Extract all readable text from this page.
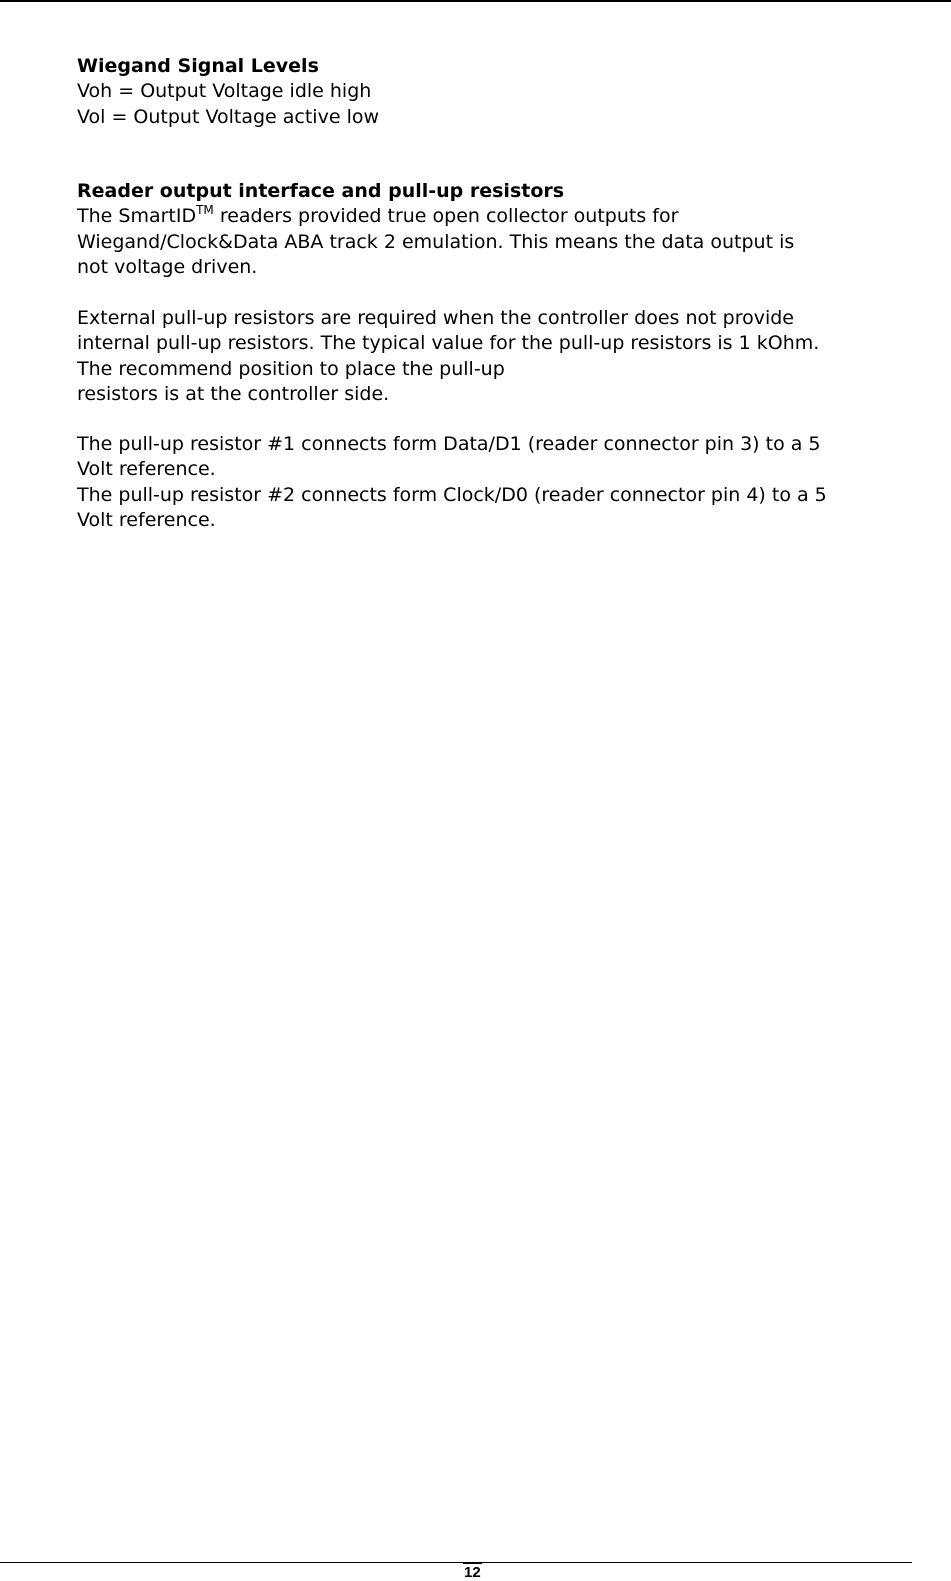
Wiegand Signal Levels
Voh = Output Voltage idle high
Vol = Output Voltage active low
Reader output interface and pull-up resistors
The SmartID™ readers provided true open collector outputs for
Wiegand/Clock&Data ABA track 2 emulation. This means the data output is
not voltage driven.
External pull-up resistors are required when the controller does not provide
internal pull-up resistors. The typical value for the pull-up resistors is 1 kOhm.
The recommend position to place the pull-up
resistors is at the controller side.
The pull-up resistor #1 connects form Data/D1 (reader connector pin 3) to a 5
Volt reference.
The pull-up resistor #2 connects form Clock/D0 (reader connector pin 4) to a 5
Volt reference.
12
